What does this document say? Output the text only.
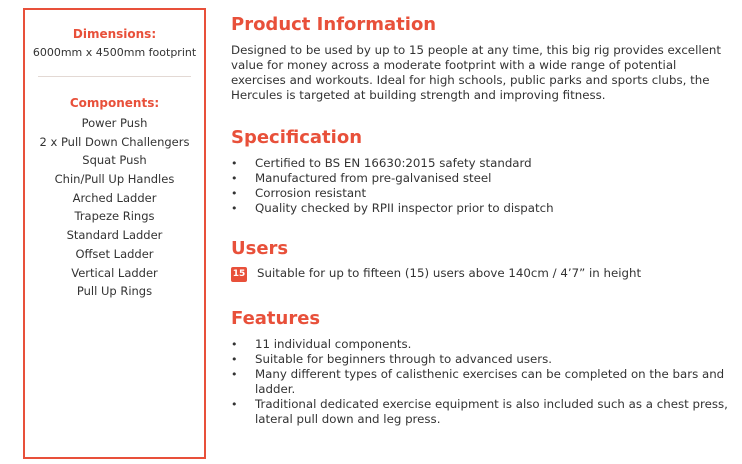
Dimensions:
6000mm x 4500mm footprint
Components:
Power Push
2 x Pull Down Challengers
Squat Push
Chin/Pull Up Handles
Arched Ladder
Trapeze Rings
Standard Ladder
Offset Ladder
Vertical Ladder
Pull Up Rings
Product Information

Designed to be used by up to 15 people at any time, this big rig provides excellent value for money across a moderate footprint with a wide range of potential exercises and workouts. Ideal for high schools, public parks and sports clubs, the Hercules is targeted at building strength and improving fitness.

Specification
• Certified to BS EN 16630:2015 safety standard
• Manufactured from pre-galvanised steel
• Corrosion resistant
• Quality checked by RPII inspector prior to dispatch
Users
15 Suitable for up to fifteen (15) users above 140cm / 4’7” in height
Features
• 11 individual components.
• Suitable for beginners through to advanced users.
• Many different types of calisthenic exercises can be completed on the bars and ladder.
• Traditional dedicated exercise equipment is also included such as a chest press, lateral pull down and leg press.
